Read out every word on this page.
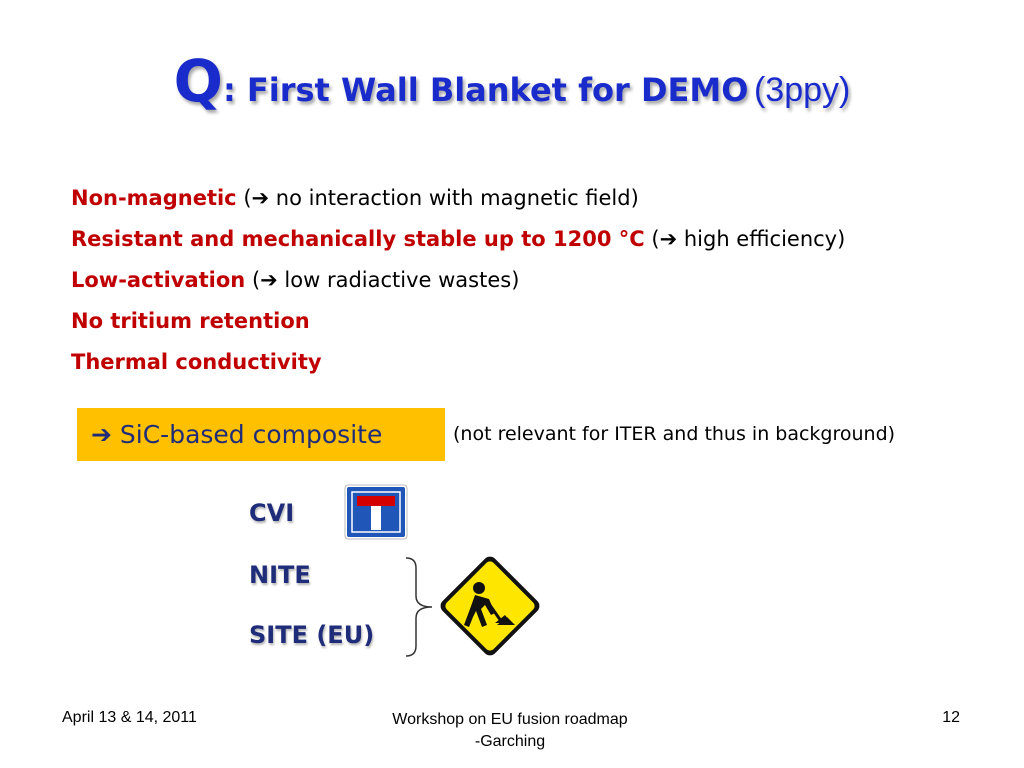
Q: First Wall Blanket for DEMO (3ppy)
Non-magnetic (➔ no interaction with magnetic field)
Resistant and mechanically stable up to 1200 °C (➔ high efficiency)
Low-activation (➔ low radiactive wastes)
No tritium retention
Thermal conductivity
➔ SiC-based composite	(not relevant for ITER and thus in background)
CVI
NITE
SITE (EU)
April 13 & 14, 2011	Workshop on EU fusion roadmap
-Garching
12
